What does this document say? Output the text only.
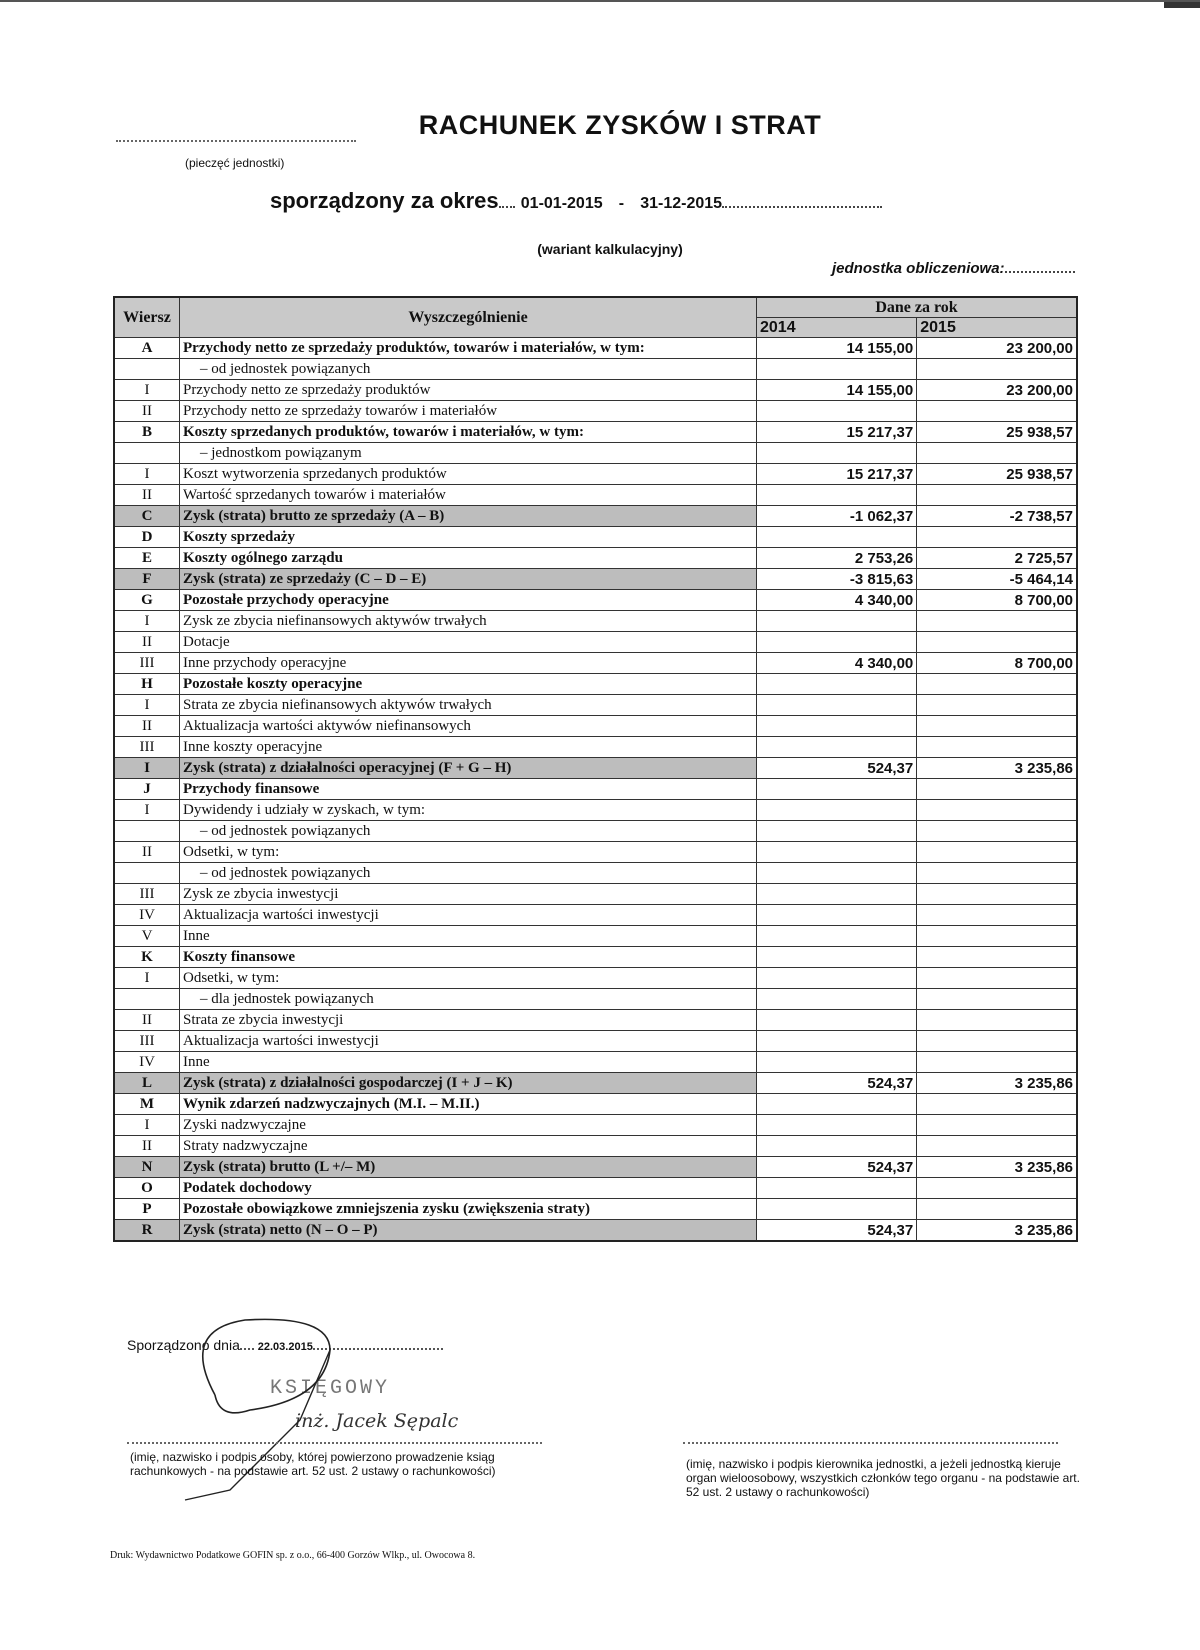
RACHUNEK ZYSKÓW I STRAT
(pieczęć jednostki)
sporządzony za okres 01-01-2015 - 31-12-2015
(wariant kalkulacyjny)
jednostka obliczeniowa:
Wiersz	Wyszczególnienie	Dane za rok	
		2014	2015
A	Przychody netto ze sprzedaży produktów, towarów i materiałów, w tym:	14 155,00	23 200,00
	– od jednostek powiązanych		
I	Przychody netto ze sprzedaży produktów	14 155,00	23 200,00
II	Przychody netto ze sprzedaży towarów i materiałów		
B	Koszty sprzedanych produktów, towarów i materiałów, w tym:	15 217,37	25 938,57
	– jednostkom powiązanym		
I	Koszt wytworzenia sprzedanych produktów	15 217,37	25 938,57
II	Wartość sprzedanych towarów i materiałów		
C	Zysk (strata) brutto ze sprzedaży (A – B)	-1 062,37	-2 738,57
D	Koszty sprzedaży		
E	Koszty ogólnego zarządu	2 753,26	2 725,57
F	Zysk (strata) ze sprzedaży (C – D – E)	-3 815,63	-5 464,14
G	Pozostałe przychody operacyjne	4 340,00	8 700,00
I	Zysk ze zbycia niefinansowych aktywów trwałych		
II	Dotacje		
III	Inne przychody operacyjne	4 340,00	8 700,00
H	Pozostałe koszty operacyjne		
I	Strata ze zbycia niefinansowych aktywów trwałych		
II	Aktualizacja wartości aktywów niefinansowych		
III	Inne koszty operacyjne		
I	Zysk (strata) z działalności operacyjnej (F + G – H)	524,37	3 235,86
J	Przychody finansowe		
I	Dywidendy i udziały w zyskach, w tym:		
	– od jednostek powiązanych		
II	Odsetki, w tym:		
	– od jednostek powiązanych		
III	Zysk ze zbycia inwestycji		
IV	Aktualizacja wartości inwestycji		
V	Inne		
K	Koszty finansowe		
I	Odsetki, w tym:		
	– dla jednostek powiązanych		
II	Strata ze zbycia inwestycji		
III	Aktualizacja wartości inwestycji		
IV	Inne		
L	Zysk (strata) z działalności gospodarczej (I + J – K)	524,37	3 235,86
M	Wynik zdarzeń nadzwyczajnych (M.I. – M.II.)		
I	Zyski nadzwyczajne		
II	Straty nadzwyczajne		
N	Zysk (strata) brutto (L +/– M)	524,37	3 235,86
O	Podatek dochodowy		
P	Pozostałe obowiązkowe zmniejszenia zysku (zwiększenia straty)		
R	Zysk (strata) netto (N – O – P)	524,37	3 235,86
Sporządzono dnia 22.03.2015
KSIĘGOWY
inż. Jacek Sępalc
(imię, nazwisko i podpis osoby, której powierzono prowadzenie ksiąg rachunkowych - na podstawie art. 52 ust. 2 ustawy o rachunkowości)	(imię, nazwisko i podpis kierownika jednostki, a jeżeli jednostką kieruje organ wieloosobowy, wszystkich członków tego organu - na podstawie art. 52 ust. 2 ustawy o rachunkowości)
Druk: Wydawnictwo Podatkowe GOFIN sp. z o.o., 66-400 Gorzów Wlkp., ul. Owocowa 8.
